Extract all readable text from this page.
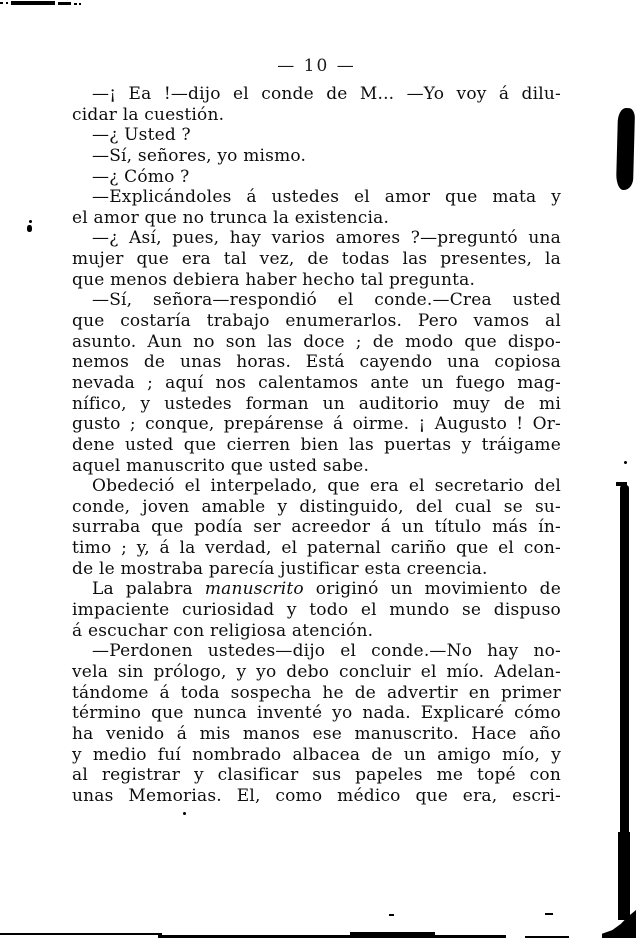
— 10 —
—¡ Ea !—dijo el conde de M... —Yo voy á dilu-
cidar la cuestión.
—¿ Usted ?
—Sí, señores, yo mismo.
—¿ Cómo ?
—Explicándoles á ustedes el amor que mata y
el amor que no trunca la existencia.
—¿ Así, pues, hay varios amores ?—preguntó una
mujer que era tal vez, de todas las presentes, la
que menos debiera haber hecho tal pregunta.
—Sí, señora—respondió el conde.—Crea usted
que costaría trabajo enumerarlos. Pero vamos al
asunto. Aun no son las doce ; de modo que dispo-
nemos de unas horas. Está cayendo una copiosa
nevada ; aquí nos calentamos ante un fuego mag-
nífico, y ustedes forman un auditorio muy de mi
gusto ; conque, prepárense á oirme. ¡ Augusto ! Or-
dene usted que cierren bien las puertas y tráigame
aquel manuscrito que usted sabe.
Obedeció el interpelado, que era el secretario del
conde, joven amable y distinguido, del cual se su-
surraba que podía ser acreedor á un título más ín-
timo ; y, á la verdad, el paternal cariño que el con-
de le mostraba parecía justificar esta creencia.
La palabra manuscrito originó un movimiento de
impaciente curiosidad y todo el mundo se dispuso
á escuchar con religiosa atención.
—Perdonen ustedes—dijo el conde.—No hay no-
vela sin prólogo, y yo debo concluir el mío. Adelan-
tándome á toda sospecha he de advertir en primer
término que nunca inventé yo nada. Explicaré cómo
ha venido á mis manos ese manuscrito. Hace año
y medio fuí nombrado albacea de un amigo mío, y
al registrar y clasificar sus papeles me topé con
unas Memorias. El, como médico que era, escri-
